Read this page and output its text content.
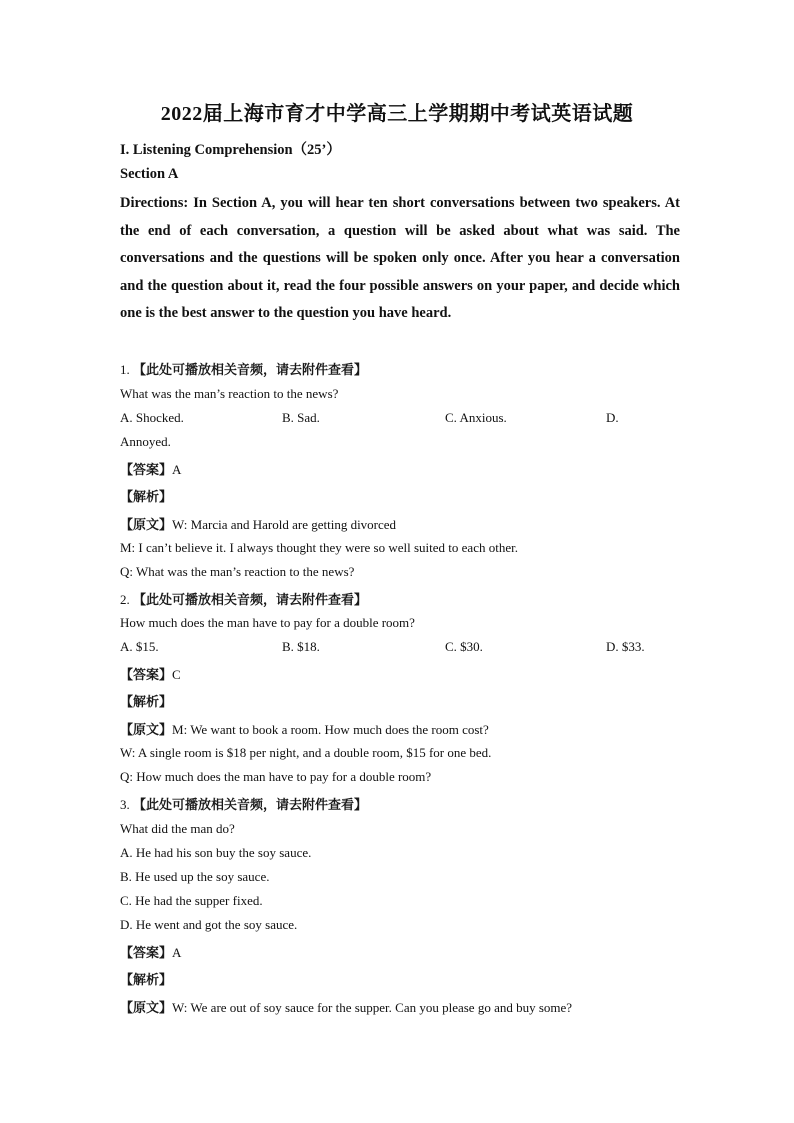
2022届上海市育才中学高三上学期期中考试英语试题
I. Listening Comprehension（25’）
Section A
Directions: In Section A, you will hear ten short conversations between two speakers. At the end of each conversation, a question will be asked about what was said. The conversations and the questions will be spoken only once. After you hear a conversation and the question about it, read the four possible answers on your paper, and decide which one is the best answer to the question you have heard.
1. 【此处可播放相关音频，请去附件查看】
What was the man’s reaction to the news?
A. Shocked.	B. Sad.	C. Anxious.	D.
Annoyed.
【答案】A
【解析】
【原文】W: Marcia and Harold are getting divorced
M: I can’t believe it. I always thought they were so well suited to each other.
Q: What was the man’s reaction to the news?
2. 【此处可播放相关音频，请去附件查看】
How much does the man have to pay for a double room?
A. $15.	B. $18.	C. $30.	D. $33.
【答案】C
【解析】
【原文】M: We want to book a room. How much does the room cost?
W: A single room is $18 per night, and a double room, $15 for one bed.
Q: How much does the man have to pay for a double room?
3. 【此处可播放相关音频，请去附件查看】
What did the man do?
A. He had his son buy the soy sauce.
B. He used up the soy sauce.
C. He had the supper fixed.
D. He went and got the soy sauce.
【答案】A
【解析】
【原文】W: We are out of soy sauce for the supper. Can you please go and buy some?
